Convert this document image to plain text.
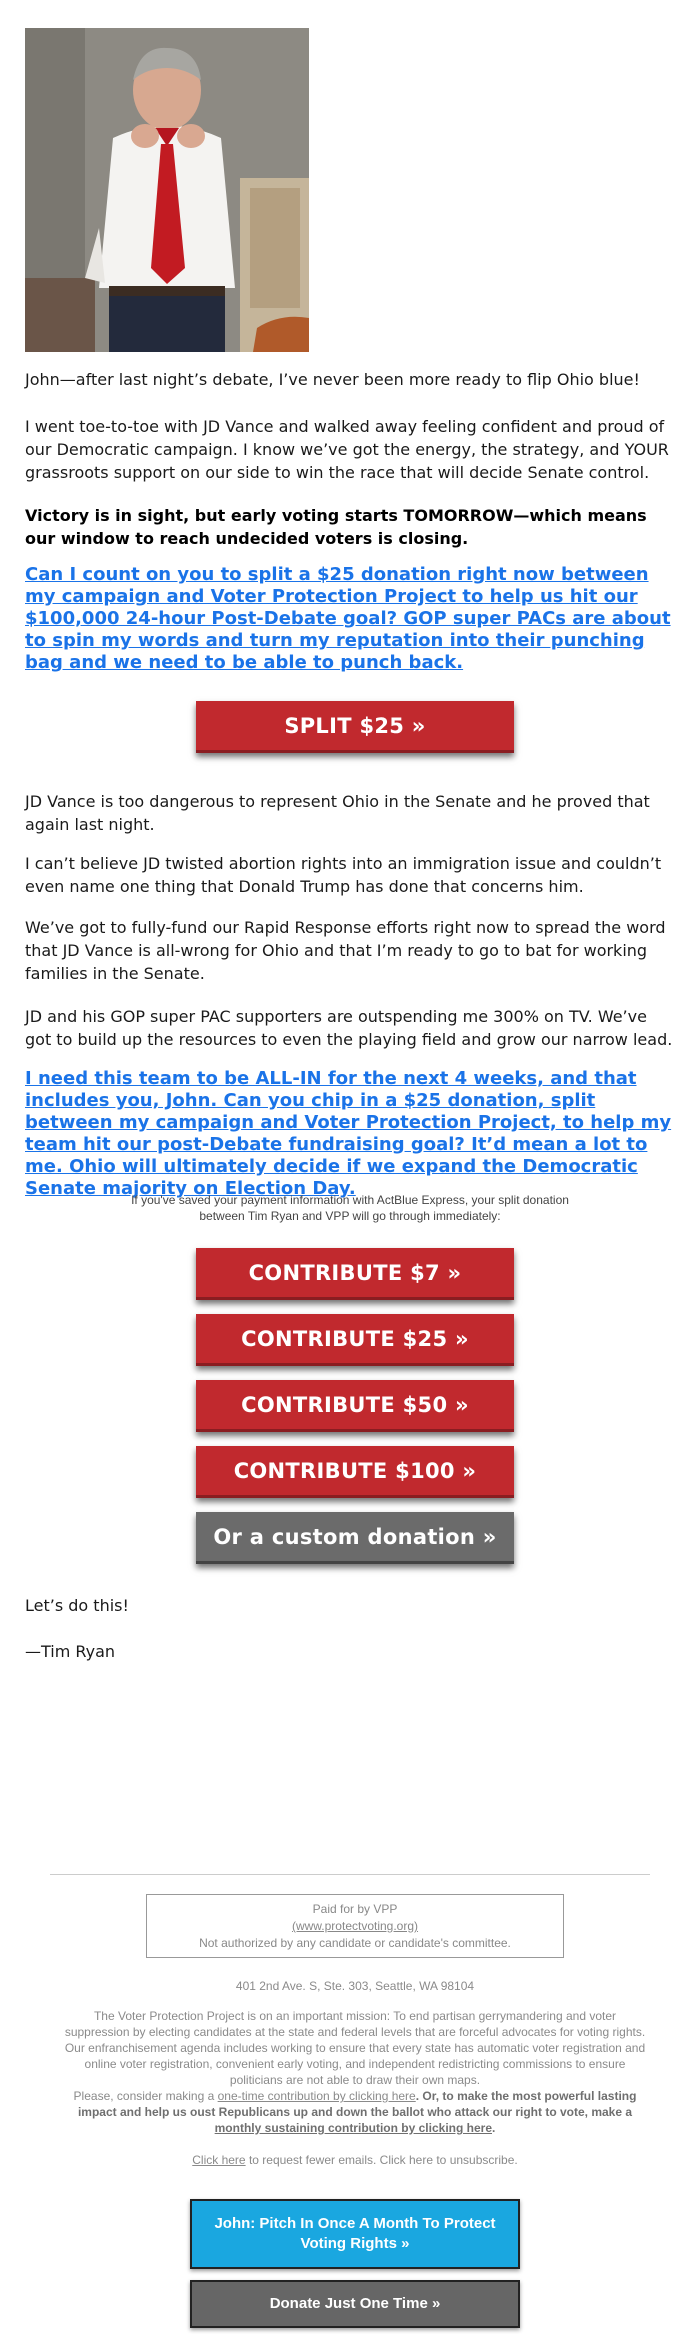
John—after last night’s debate, I’ve never been more ready to flip Ohio blue!

I went toe-to-toe with JD Vance and walked away feeling confident and proud of our Democratic campaign. I know we’ve got the energy, the strategy, and YOUR grassroots support on our side to win the race that will decide Senate control.

Victory is in sight, but early voting starts TOMORROW—which means our window to reach undecided voters is closing.

Can I count on you to split a $25 donation right now between my campaign and Voter Protection Project to help us hit our $100,000 24-hour Post-Debate goal? GOP super PACs are about to spin my words and turn my reputation into their punching bag and we need to be able to punch back.
SPLIT $25 »

JD Vance is too dangerous to represent Ohio in the Senate and he proved that again last night.

I can’t believe JD twisted abortion rights into an immigration issue and couldn’t even name one thing that Donald Trump has done that concerns him.

We’ve got to fully-fund our Rapid Response efforts right now to spread the word that JD Vance is all-wrong for Ohio and that I’m ready to go to bat for working families in the Senate.

JD and his GOP super PAC supporters are outspending me 300% on TV. We’ve got to build up the resources to even the playing field and grow our narrow lead.

I need this team to be ALL-IN for the next 4 weeks, and that includes you, John. Can you chip in a $25 donation, split between my campaign and Voter Protection Project, to help my team hit our post-Debate fundraising goal? It’d mean a lot to me. Ohio will ultimately decide if we expand the Democratic Senate majority on Election Day.

If you've saved your payment information with ActBlue Express, your split donation between Tim Ryan and VPP will go through immediately:

CONTRIBUTE $7 »
CONTRIBUTE $25 »
CONTRIBUTE $50 »
CONTRIBUTE $100 »
Or a custom donation »

Let’s do this!

—Tim Ryan

Paid for by VPP
(www.protectvoting.org)
Not authorized by any candidate or candidate's committee.

401 2nd Ave. S, Ste. 303, Seattle, WA 98104

The Voter Protection Project is on an important mission: To end partisan gerrymandering and voter suppression by electing candidates at the state and federal levels that are forceful advocates for voting rights. Our enfranchisement agenda includes working to ensure that every state has automatic voter registration and online voter registration, convenient early voting, and independent redistricting commissions to ensure politicians are not able to draw their own maps.

Please, consider making a one-time contribution by clicking here. Or, to make the most powerful lasting impact and help us oust Republicans up and down the ballot who attack our right to vote, make a monthly sustaining contribution by clicking here.

Click here to request fewer emails. Click here to unsubscribe.

John: Pitch In Once A Month To Protect Voting Rights »
Donate Just One Time »
